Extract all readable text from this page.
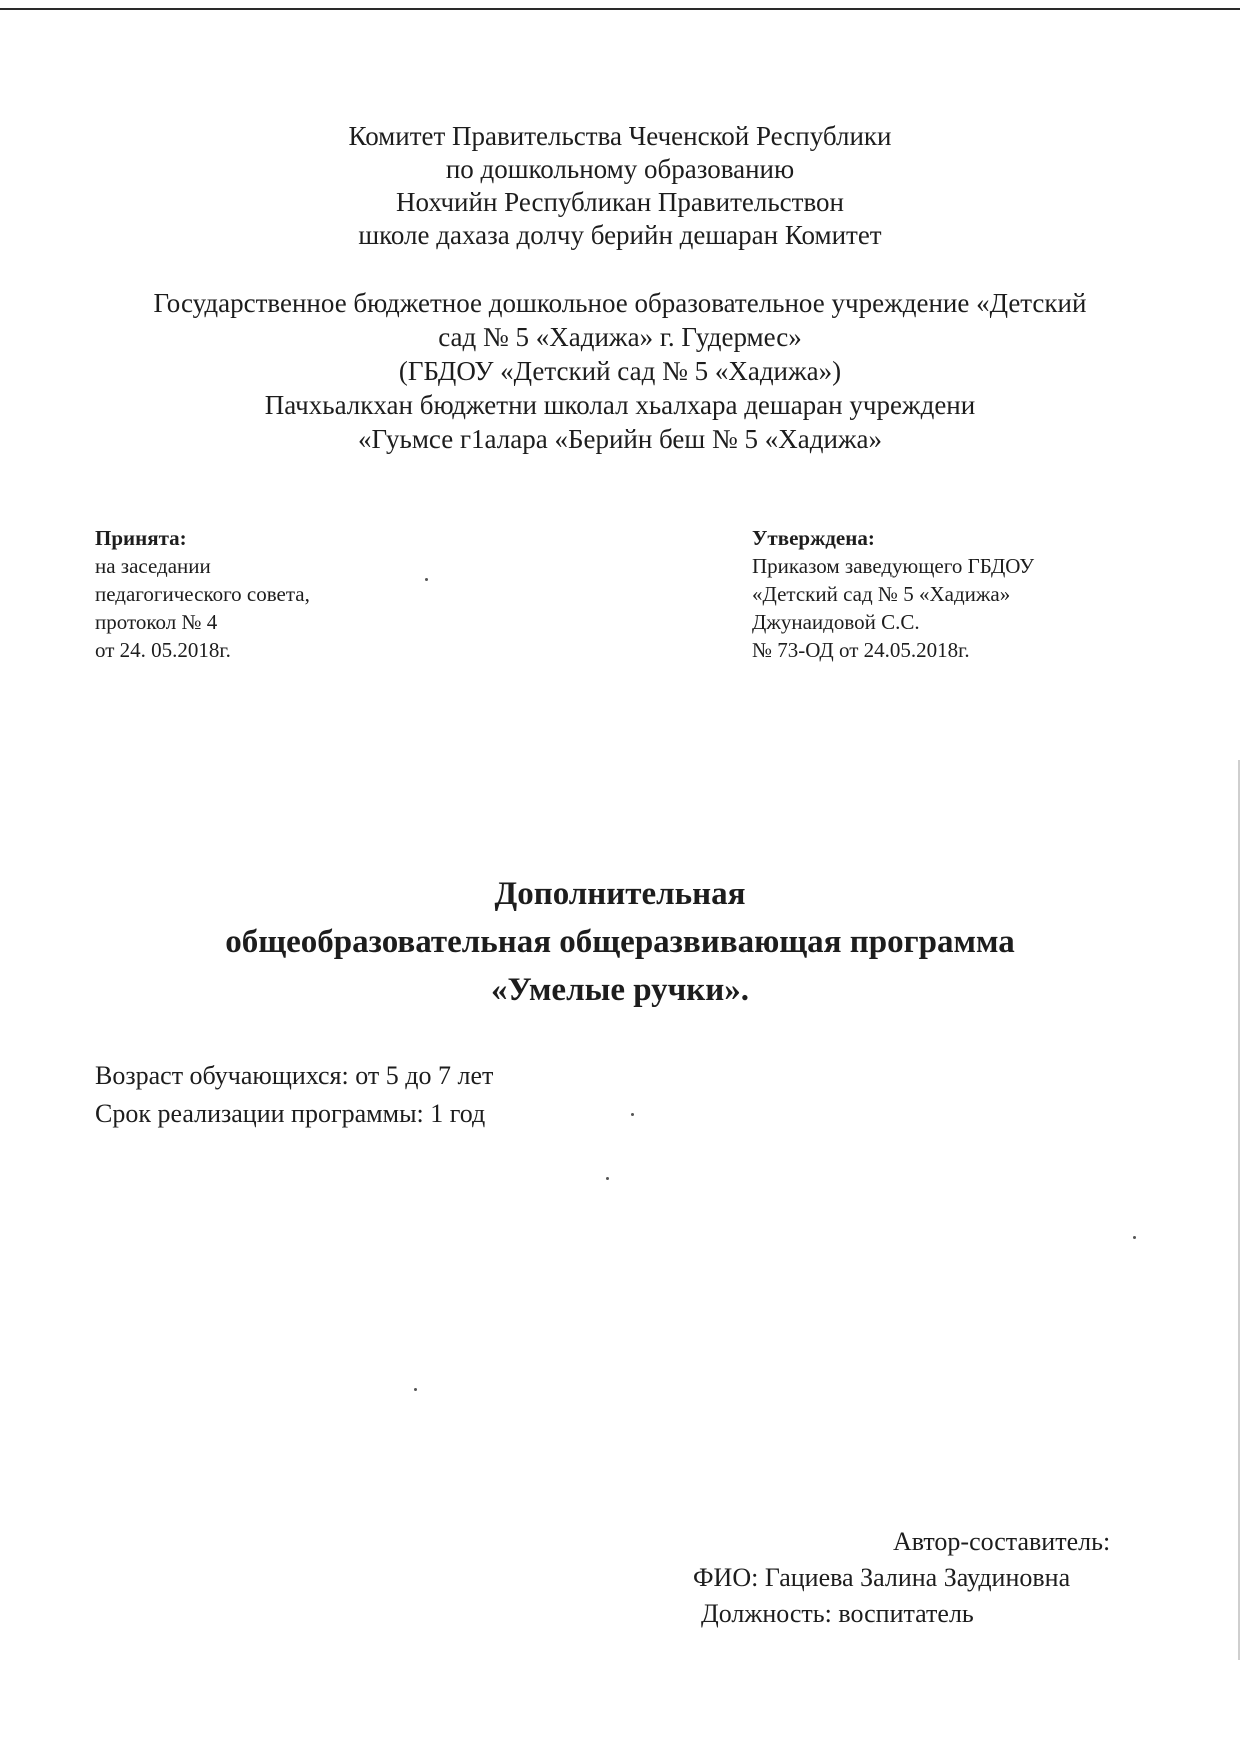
Комитет Правительства Чеченской Республики
по дошкольному образованию
Нохчийн Республикан Правительствон
школе дахаза долчу берийн дешаран Комитет
Государственное бюджетное дошкольное образовательное учреждение «Детский
сад № 5 «Хадижа» г. Гудермес»
(ГБДОУ «Детский сад № 5 «Хадижа»)
Пачхьалкхан бюджетни школал хьалхара дешаран учреждени
«Гуьмсе г1алара «Берийн беш № 5 «Хадижа»
Принята:
на заседании
педагогического совета,
протокол № 4
от 24. 05.2018г.
Утверждена:
Приказом заведующего ГБДОУ
«Детский сад № 5 «Хадижа»
Джунаидовой С.С.
№ 73-ОД от 24.05.2018г.
Дополнительная
общеобразовательная общеразвивающая программа
«Умелые ручки».
Возраст обучающихся: от 5 до 7 лет
Срок реализации программы: 1 год
Автор-составитель:
ФИО: Гациева Залина Заудиновна
Должность: воспитатель
